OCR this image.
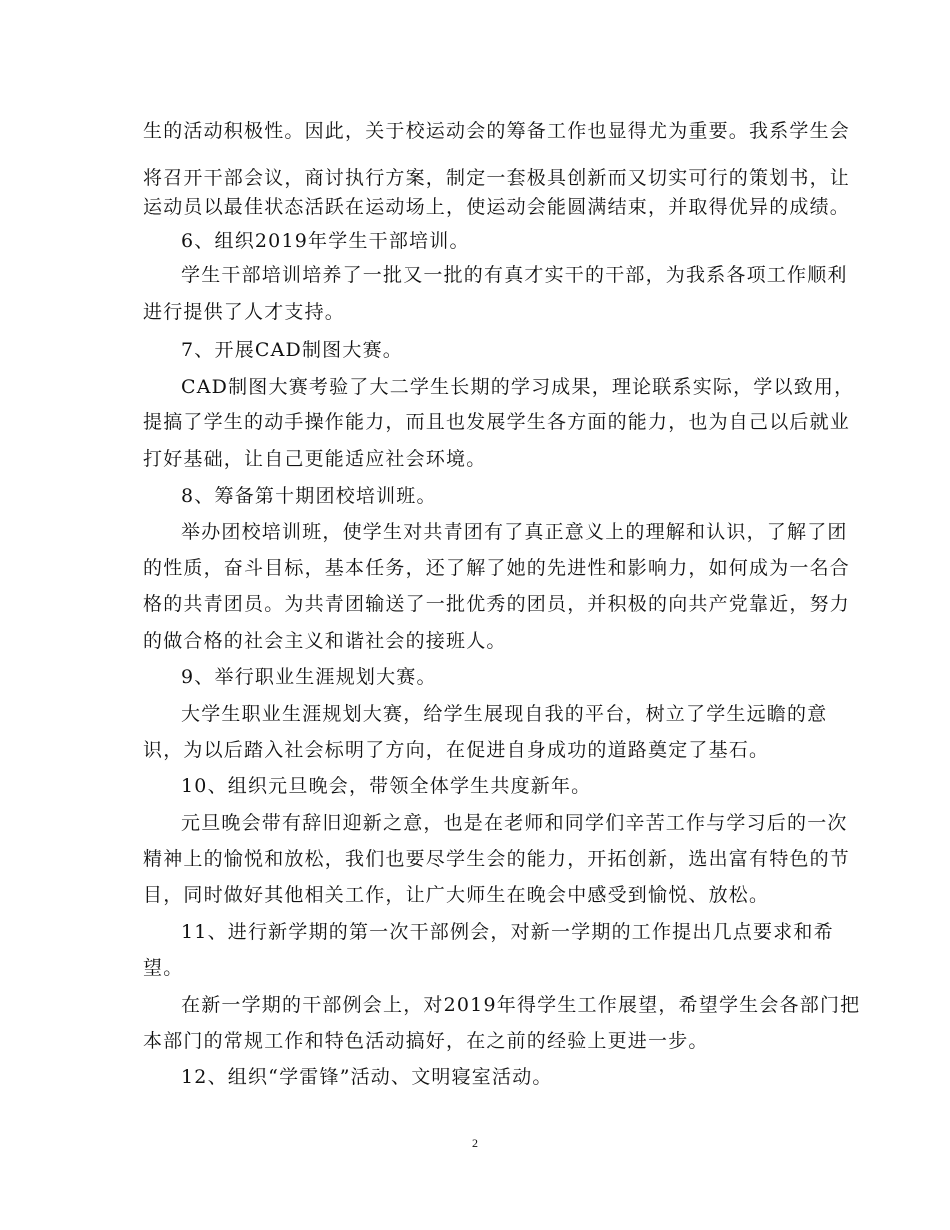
生的活动积极性。因此，关于校运动会的筹备工作也显得尤为重要。我系学生会
将召开干部会议，商讨执行方案，制定一套极具创新而又切实可行的策划书，让
运动员以最佳状态活跃在运动场上，使运动会能圆满结束，并取得优异的成绩。
6、组织2019年学生干部培训。
学生干部培训培养了一批又一批的有真才实干的干部，为我系各项工作顺利
进行提供了人才支持。
7、开展CAD制图大赛。
CAD制图大赛考验了大二学生长期的学习成果，理论联系实际，学以致用，
提搞了学生的动手操作能力，而且也发展学生各方面的能力，也为自己以后就业
打好基础，让自己更能适应社会环境。
8、筹备第十期团校培训班。
举办团校培训班，使学生对共青团有了真正意义上的理解和认识，了解了团
的性质，奋斗目标，基本任务，还了解了她的先进性和影响力，如何成为一名合
格的共青团员。为共青团输送了一批优秀的团员，并积极的向共产党靠近，努力
的做合格的社会主义和谐社会的接班人。
9、举行职业生涯规划大赛。
大学生职业生涯规划大赛，给学生展现自我的平台，树立了学生远瞻的意
识，为以后踏入社会标明了方向，在促进自身成功的道路奠定了基石。
10、组织元旦晚会，带领全体学生共度新年。
元旦晚会带有辞旧迎新之意，也是在老师和同学们辛苦工作与学习后的一次
精神上的愉悦和放松，我们也要尽学生会的能力，开拓创新，选出富有特色的节
目，同时做好其他相关工作，让广大师生在晚会中感受到愉悦、放松。
11、进行新学期的第一次干部例会，对新一学期的工作提出几点要求和希
望。
在新一学期的干部例会上，对2019年得学生工作展望，希望学生会各部门把
本部门的常规工作和特色活动搞好，在之前的经验上更进一步。
12、组织“学雷锋”活动、文明寝室活动。
2
